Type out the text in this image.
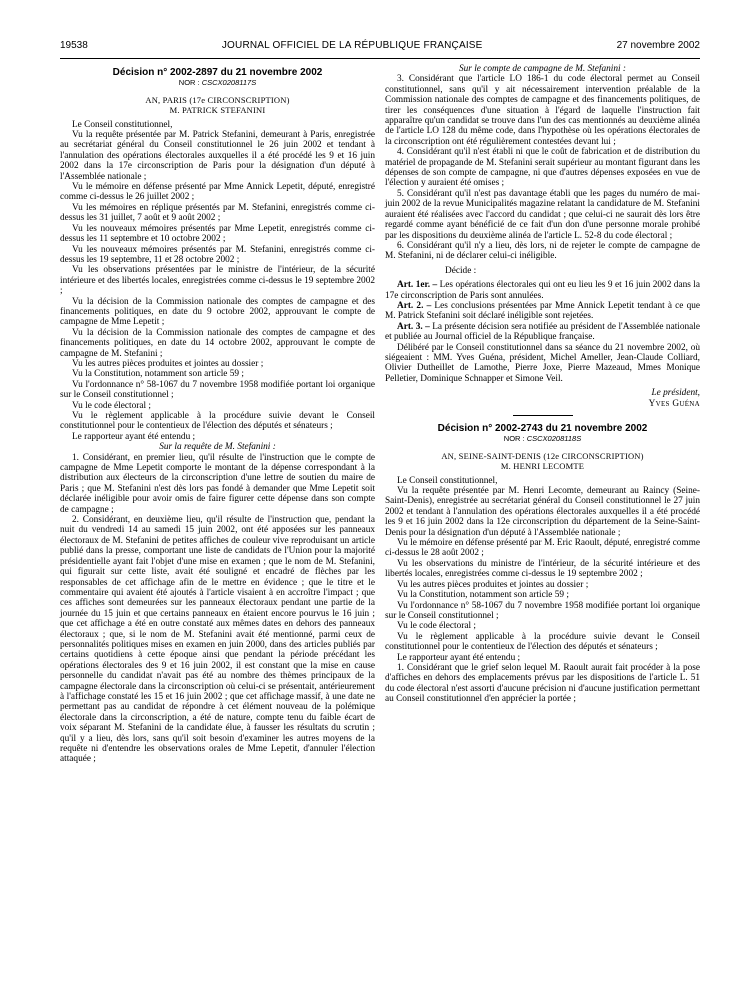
19538	JOURNAL OFFICIEL DE LA RÉPUBLIQUE FRANÇAISE	27 novembre 2002
Décision n° 2002-2897 du 21 novembre 2002
NOR : CSCX0208117S
AN, PARIS (17e CIRCONSCRIPTION)
M. PATRICK STEFANINI

Le Conseil constitutionnel,

Vu la requête présentée par M. Patrick Stefanini, demeurant à Paris, enregistrée au secrétariat général du Conseil constitutionnel le 26 juin 2002 et tendant à l'annulation des opérations électorales auxquelles il a été procédé les 9 et 16 juin 2002 dans la 17e circonscription de Paris pour la désignation d'un député à l'Assemblée nationale ;

Vu le mémoire en défense présenté par Mme Annick Lepetit, député, enregistré comme ci-dessus le 26 juillet 2002 ;

Vu les mémoires en réplique présentés par M. Stefanini, enregistrés comme ci-dessus les 31 juillet, 7 août et 9 août 2002 ;

Vu les nouveaux mémoires présentés par Mme Lepetit, enregistrés comme ci-dessus les 11 septembre et 10 octobre 2002 ;

Vu les nouveaux mémoires présentés par M. Stefanini, enregistrés comme ci-dessus les 19 septembre, 11 et 28 octobre 2002 ;

Vu les observations présentées par le ministre de l'intérieur, de la sécurité intérieure et des libertés locales, enregistrées comme ci-dessus le 19 septembre 2002 ;

Vu la décision de la Commission nationale des comptes de campagne et des financements politiques, en date du 9 octobre 2002, approuvant le compte de campagne de Mme Lepetit ;

Vu la décision de la Commission nationale des comptes de campagne et des financements politiques, en date du 14 octobre 2002, approuvant le compte de campagne de M. Stefanini ;

Vu les autres pièces produites et jointes au dossier ;

Vu la Constitution, notamment son article 59 ;

Vu l'ordonnance n° 58-1067 du 7 novembre 1958 modifiée portant loi organique sur le Conseil constitutionnel ;

Vu le code électoral ;

Vu le règlement applicable à la procédure suivie devant le Conseil constitutionnel pour le contentieux de l'élection des députés et sénateurs ;

Le rapporteur ayant été entendu ;

Sur la requête de M. Stefanini :

1. Considérant, en premier lieu, qu'il résulte de l'instruction que le compte de campagne de Mme Lepetit comporte le montant de la dépense correspondant à la distribution aux électeurs de la circonscription d'une lettre de soutien du maire de Paris ; que M. Stefanini n'est dès lors pas fondé à demander que Mme Lepetit soit déclarée inéligible pour avoir omis de faire figurer cette dépense dans son compte de campagne ;

2. Considérant, en deuxième lieu, qu'il résulte de l'instruction que, pendant la nuit du vendredi 14 au samedi 15 juin 2002, ont été apposées sur les panneaux électoraux de M. Stefanini de petites affiches de couleur vive reproduisant un article publié dans la presse, comportant une liste de candidats de l'Union pour la majorité présidentielle ayant fait l'objet d'une mise en examen ; que le nom de M. Stefanini, qui figurait sur cette liste, avait été souligné et encadré de flèches par les responsables de cet affichage afin de le mettre en évidence ; que le titre et le commentaire qui avaient été ajoutés à l'article visaient à en accroître l'impact ; que ces affiches sont demeurées sur les panneaux électoraux pendant une partie de la journée du 15 juin et que certains panneaux en étaient encore pourvus le 16 juin ; que cet affichage a été en outre constaté aux mêmes dates en dehors des panneaux électoraux ; que, si le nom de M. Stefanini avait été mentionné, parmi ceux de personnalités politiques mises en examen en juin 2000, dans des articles publiés par certains quotidiens à cette époque ainsi que pendant la période précédant les opérations électorales des 9 et 16 juin 2002, il est constant que la mise en cause personnelle du candidat n'avait pas été au nombre des thèmes principaux de la campagne électorale dans la circonscription où celui-ci se présentait, antérieurement à l'affichage constaté les 15 et 16 juin 2002 ; que cet affichage massif, à une date ne permettant pas au candidat de répondre à cet élément nouveau de la polémique électorale dans la circonscription, a été de nature, compte tenu du faible écart de voix séparant M. Stefanini de la candidate élue, à fausser les résultats du scrutin ; qu'il y a lieu, dès lors, sans qu'il soit besoin d'examiner les autres moyens de la requête ni d'entendre les observations orales de Mme Lepetit, d'annuler l'élection attaquée ;

Sur le compte de campagne de M. Stefanini :

3. Considérant que l'article LO 186-1 du code électoral permet au Conseil constitutionnel, sans qu'il y ait nécessairement intervention préalable de la Commission nationale des comptes de campagne et des financements politiques, de tirer les conséquences d'une situation à l'égard de laquelle l'instruction fait apparaître qu'un candidat se trouve dans l'un des cas mentionnés au deuxième alinéa de l'article LO 128 du même code, dans l'hypothèse où les opérations électorales de la circonscription ont été régulièrement contestées devant lui ;

4. Considérant qu'il n'est établi ni que le coût de fabrication et de distribution du matériel de propagande de M. Stefanini serait supérieur au montant figurant dans les dépenses de son compte de campagne, ni que d'autres dépenses exposées en vue de l'élection y auraient été omises ;

5. Considérant qu'il n'est pas davantage établi que les pages du numéro de mai-juin 2002 de la revue Municipalités magazine relatant la candidature de M. Stefanini auraient été réalisées avec l'accord du candidat ; que celui-ci ne saurait dès lors être regardé comme ayant bénéficié de ce fait d'un don d'une personne morale prohibé par les dispositions du deuxième alinéa de l'article L. 52-8 du code électoral ;

6. Considérant qu'il n'y a lieu, dès lors, ni de rejeter le compte de campagne de M. Stefanini, ni de déclarer celui-ci inéligible.

Décide :

Art. 1er. – Les opérations électorales qui ont eu lieu les 9 et 16 juin 2002 dans la 17e circonscription de Paris sont annulées.

Art. 2. – Les conclusions présentées par Mme Annick Lepetit tendant à ce que M. Patrick Stefanini soit déclaré inéligible sont rejetées.

Art. 3. – La présente décision sera notifiée au président de l'Assemblée nationale et publiée au Journal officiel de la République française.

Délibéré par le Conseil constitutionnel dans sa séance du 21 novembre 2002, où siégeaient : MM. Yves Guéna, président, Michel Ameller, Jean-Claude Colliard, Olivier Dutheillet de Lamothe, Pierre Joxe, Pierre Mazeaud, Mmes Monique Pelletier, Dominique Schnapper et Simone Veil.

Le président,

Yves Guéna

Décision n° 2002-2743 du 21 novembre 2002
NOR : CSCX0208118S
AN, SEINE-SAINT-DENIS (12e CIRCONSCRIPTION)
M. HENRI LECOMTE

Le Conseil constitutionnel,

Vu la requête présentée par M. Henri Lecomte, demeurant au Raincy (Seine-Saint-Denis), enregistrée au secrétariat général du Conseil constitutionnel le 27 juin 2002 et tendant à l'annulation des opérations électorales auxquelles il a été procédé les 9 et 16 juin 2002 dans la 12e circonscription du département de la Seine-Saint-Denis pour la désignation d'un député à l'Assemblée nationale ;

Vu le mémoire en défense présenté par M. Eric Raoult, député, enregistré comme ci-dessus le 28 août 2002 ;

Vu les observations du ministre de l'intérieur, de la sécurité intérieure et des libertés locales, enregistrées comme ci-dessus le 19 septembre 2002 ;

Vu les autres pièces produites et jointes au dossier ;

Vu la Constitution, notamment son article 59 ;

Vu l'ordonnance n° 58-1067 du 7 novembre 1958 modifiée portant loi organique sur le Conseil constitutionnel ;

Vu le code électoral ;

Vu le règlement applicable à la procédure suivie devant le Conseil constitutionnel pour le contentieux de l'élection des députés et sénateurs ;

Le rapporteur ayant été entendu ;

1. Considérant que le grief selon lequel M. Raoult aurait fait procéder à la pose d'affiches en dehors des emplacements prévus par les dispositions de l'article L. 51 du code électoral n'est assorti d'aucune précision ni d'aucune justification permettant au Conseil constitutionnel d'en apprécier la portée ;
